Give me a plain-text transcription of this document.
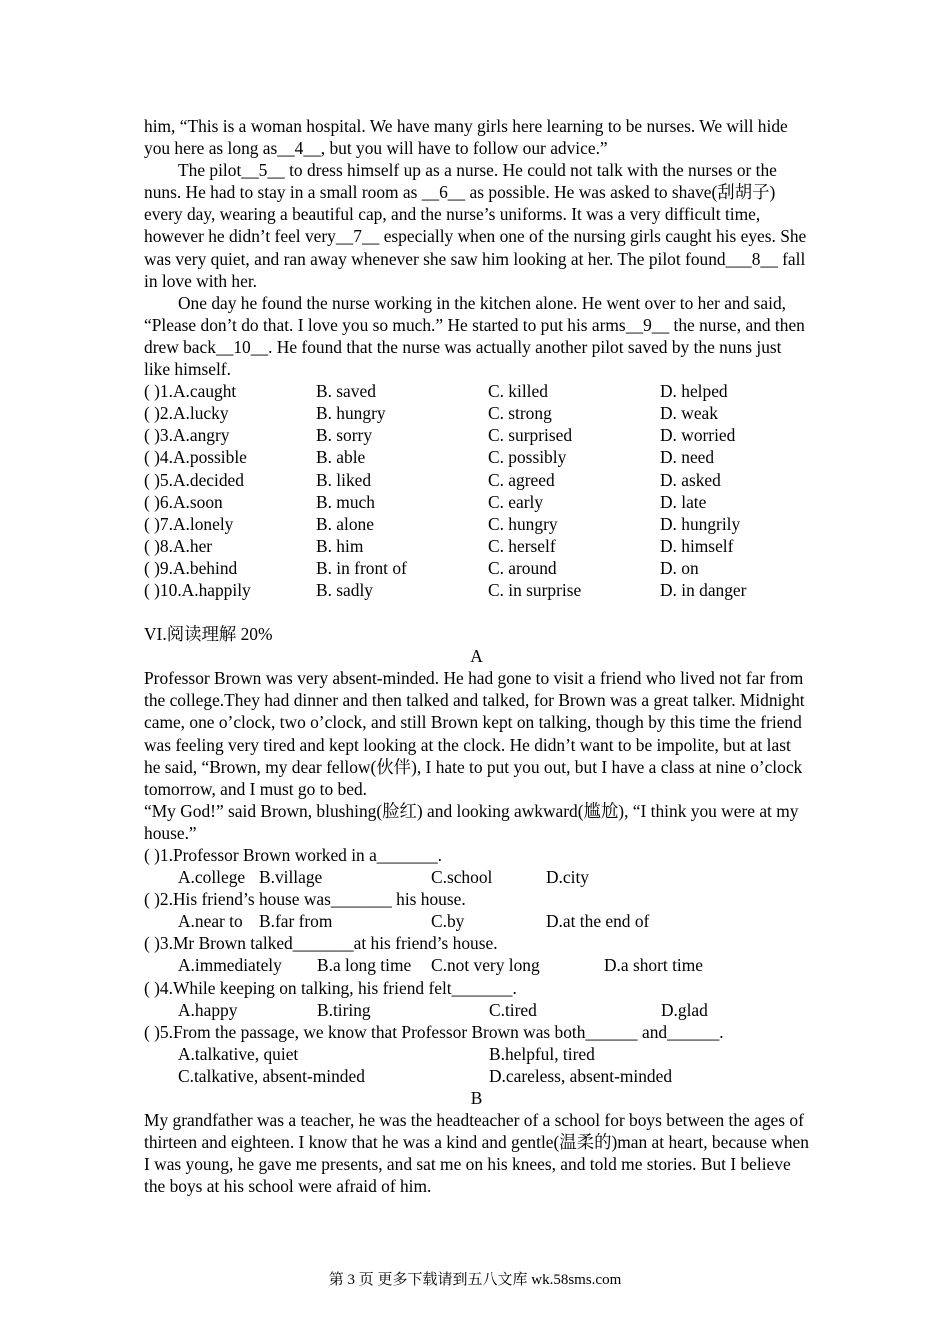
him, “This is a woman hospital. We have many girls here learning to be nurses. We will hide you here as long as__4__, but you will have to follow our advice.”

The pilot__5__ to dress himself up as a nurse. He could not talk with the nurses or the nuns. He had to stay in a small room as __6__ as possible. He was asked to shave(刮胡子) every day, wearing a beautiful cap, and the nurse’s uniforms. It was a very difficult time, however he didn’t feel very__7__ especially when one of the nursing girls caught his eyes. She was very quiet, and ran away whenever she saw him looking at her. The pilot found___8__ fall in love with her.

One day he found the nurse working in the kitchen alone. He went over to her and said, “Please don’t do that. I love you so much.” He started to put his arms__9__ the nurse, and then drew back__10__. He found that the nurse was actually another pilot saved by the nuns just like himself.

( )1.A.caught	B. saved	C. killed	D. helped
( )2.A.lucky	B. hungry	C. strong	D. weak
( )3.A.angry	B. sorry	C. surprised	D. worried
( )4.A.possible	B. able	C. possibly	D. need
( )5.A.decided	B. liked	C. agreed	D. asked
( )6.A.soon	B. much	C. early	D. late
( )7.A.lonely	B. alone	C. hungry	D. hungrily
( )8.A.her	B. him	C. herself	D. himself
( )9.A.behind	B. in front of	C. around	D. on
( )10.A.happily	B. sadly	C. in surprise	D. in danger

VI.阅读理解 20%

A

Professor Brown was very absent-minded. He had gone to visit a friend who lived not far from the college.They had dinner and then talked and talked, for Brown was a great talker. Midnight came, one o’clock, two o’clock, and still Brown kept on talking, though by this time the friend was feeling very tired and kept looking at the clock. He didn’t want to be impolite, but at last he said, “Brown, my dear fellow(伙伴), I hate to put you out, but I have a class at nine o’clock tomorrow, and I must go to bed.

“My God!” said Brown, blushing(脸红) and looking awkward(尴尬), “I think you were at my house.”

( )1.Professor Brown worked in a_______.

A.college B.village	C.school	D.city

( )2.His friend’s house was_______ his house.

A.near to B.far from	C.by	D.at the end of

( )3.Mr Brown talked_______at his friend’s house.

A.immediately B.a long time C.not very long	D.a short time

( )4.While keeping on talking, his friend felt_______.

A.happy	B.tiring	C.tired	D.glad

( )5.From the passage, we know that Professor Brown was both______ and______.

A.talkative, quiet	B.helpful, tired
C.talkative, absent-minded	D.careless, absent-minded

B

My grandfather was a teacher, he was the headteacher of a school for boys between the ages of thirteen and eighteen. I know that he was a kind and gentle(温柔的)man at heart, because when I was young, he gave me presents, and sat me on his knees, and told me stories. But I believe the boys at his school were afraid of him.

第 3 页 更多下载请到五八文库 wk.58sms.com
